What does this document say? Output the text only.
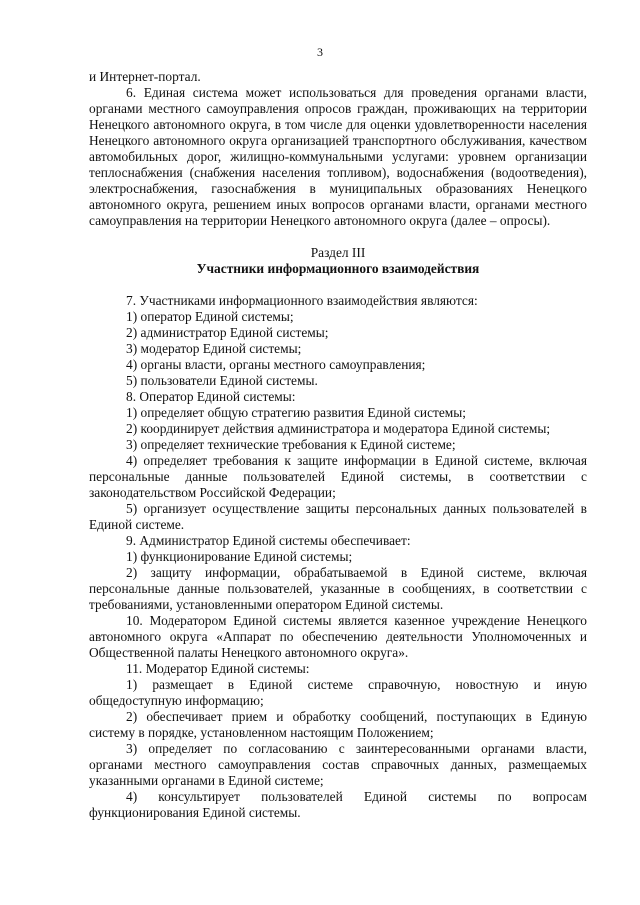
3

и Интернет-портал.

6. Единая система может использоваться для проведения органами власти, органами местного самоуправления опросов граждан, проживающих на территории Ненецкого автономного округа, в том числе для оценки удовлетворенности населения Ненецкого автономного округа организацией транспортного обслуживания, качеством автомобильных дорог, жилищно-коммунальными услугами: уровнем организации теплоснабжения (снабжения населения топливом), водоснабжения (водоотведения), электроснабжения, газоснабжения в муниципальных образованиях Ненецкого автономного округа, решением иных вопросов органами власти, органами местного самоуправления на территории Ненецкого автономного округа (далее – опросы).

Раздел III

Участники информационного взаимодействия

7. Участниками информационного взаимодействия являются:

1) оператор Единой системы;

2) администратор Единой системы;

3) модератор Единой системы;

4) органы власти, органы местного самоуправления;

5) пользователи Единой системы.

8. Оператор Единой системы:

1) определяет общую стратегию развития Единой системы;

2) координирует действия администратора и модератора Единой системы;

3) определяет технические требования к Единой системе;

4) определяет требования к защите информации в Единой системе, включая персональные данные пользователей Единой системы, в соответствии с законодательством Российской Федерации;

5) организует осуществление защиты персональных данных пользователей в Единой системе.

9. Администратор Единой системы обеспечивает:

1) функционирование Единой системы;

2) защиту информации, обрабатываемой в Единой системе, включая персональные данные пользователей, указанные в сообщениях, в соответствии с требованиями, установленными оператором Единой системы.

10. Модератором Единой системы является казенное учреждение Ненецкого автономного округа «Аппарат по обеспечению деятельности Уполномоченных и Общественной палаты Ненецкого автономного округа».

11. Модератор Единой системы:

1) размещает в Единой системе справочную, новостную и иную общедоступную информацию;

2) обеспечивает прием и обработку сообщений, поступающих в Единую систему в порядке, установленном настоящим Положением;

3) определяет по согласованию с заинтересованными органами власти, органами местного самоуправления состав справочных данных, размещаемых указанными органами в Единой системе;

4) консультирует пользователей Единой системы по вопросам функционирования Единой системы.
